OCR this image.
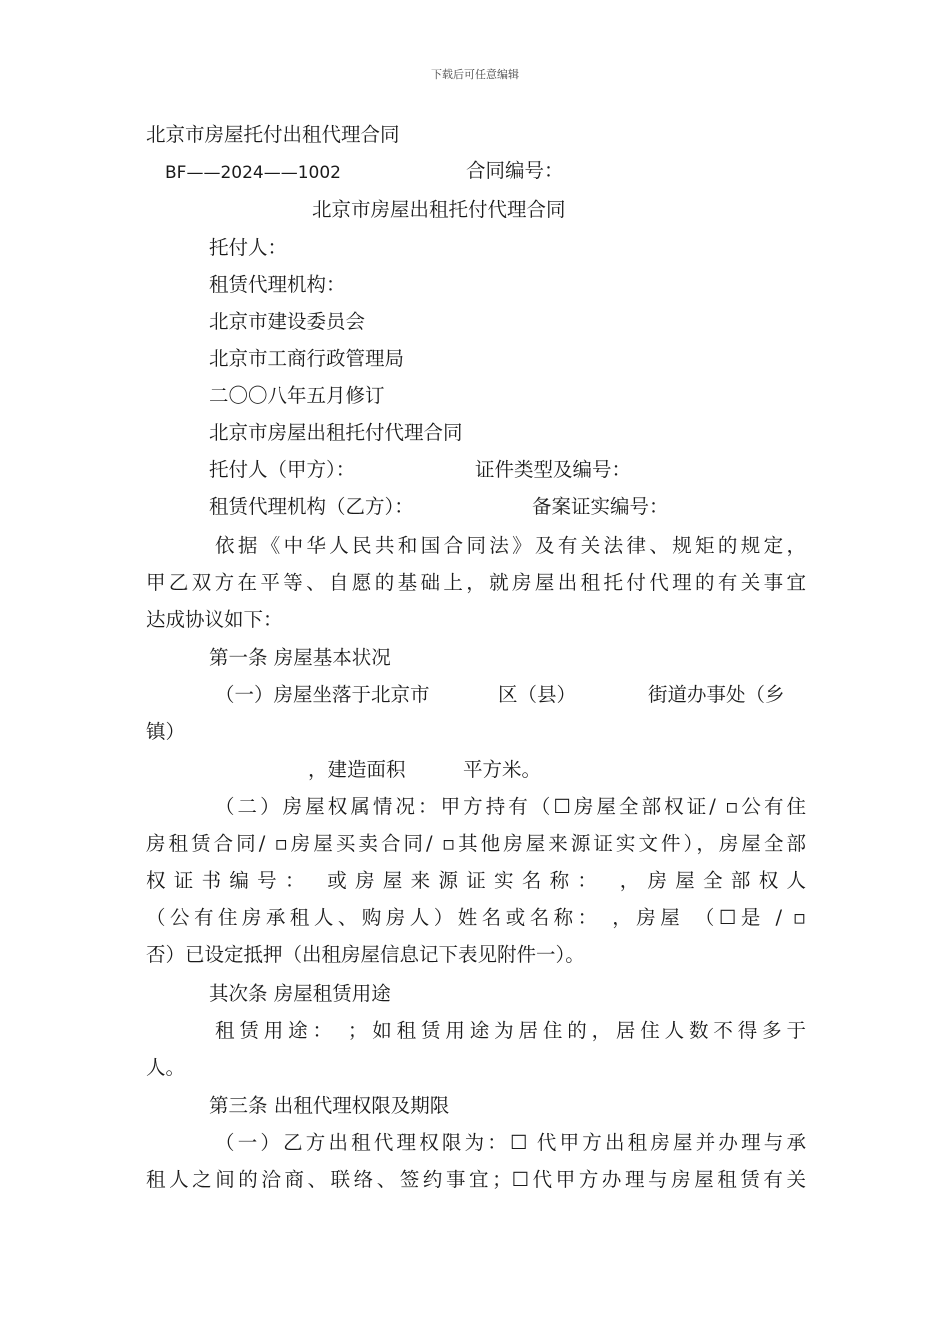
下载后可任意编辑
北京市房屋托付出租代理合同
BF——2024——1002	合同编号：
北京市房屋出租托付代理合同
托付人：
租赁代理机构：
北京市建设委员会
北京市工商行政管理局
二〇〇八年五月修订
北京市房屋出租托付代理合同
托付人（甲方）：	证件类型及编号：
租赁代理机构（乙方）：	备案证实编号：
依据《中华人民共和国合同法》及有关法律、规矩的规定，
甲乙双方在平等、自愿的基础上，就房屋出租托付代理的有关事宜
达成协议如下：
第一条 房屋基本状况
（一）房屋坐落于北京市	区（县）	街道办事处（乡
镇）
，建造面积	平方米。
（二）房屋权属情况：甲方持有（☐房屋全部权证/ ▫公有住
房租赁合同/ ▫房屋买卖合同/ ▫其他房屋来源证实文件），房屋全部
权证书编号： 或房屋来源证实名称： ，房屋全部权人
（公有住房承租人、购房人）姓名或名称： ，房屋 （☐是 / ▫
否）已设定抵押（出租房屋信息记下表见附件一）。
其次条 房屋租赁用途
租赁用途： ；如租赁用途为居住的，居住人数不得多于
人。
第三条 出租代理权限及期限
（一）乙方出租代理权限为：☐ 代甲方出租房屋并办理与承
租人之间的洽商、联络、签约事宜；☐代甲方办理与房屋租赁有关
